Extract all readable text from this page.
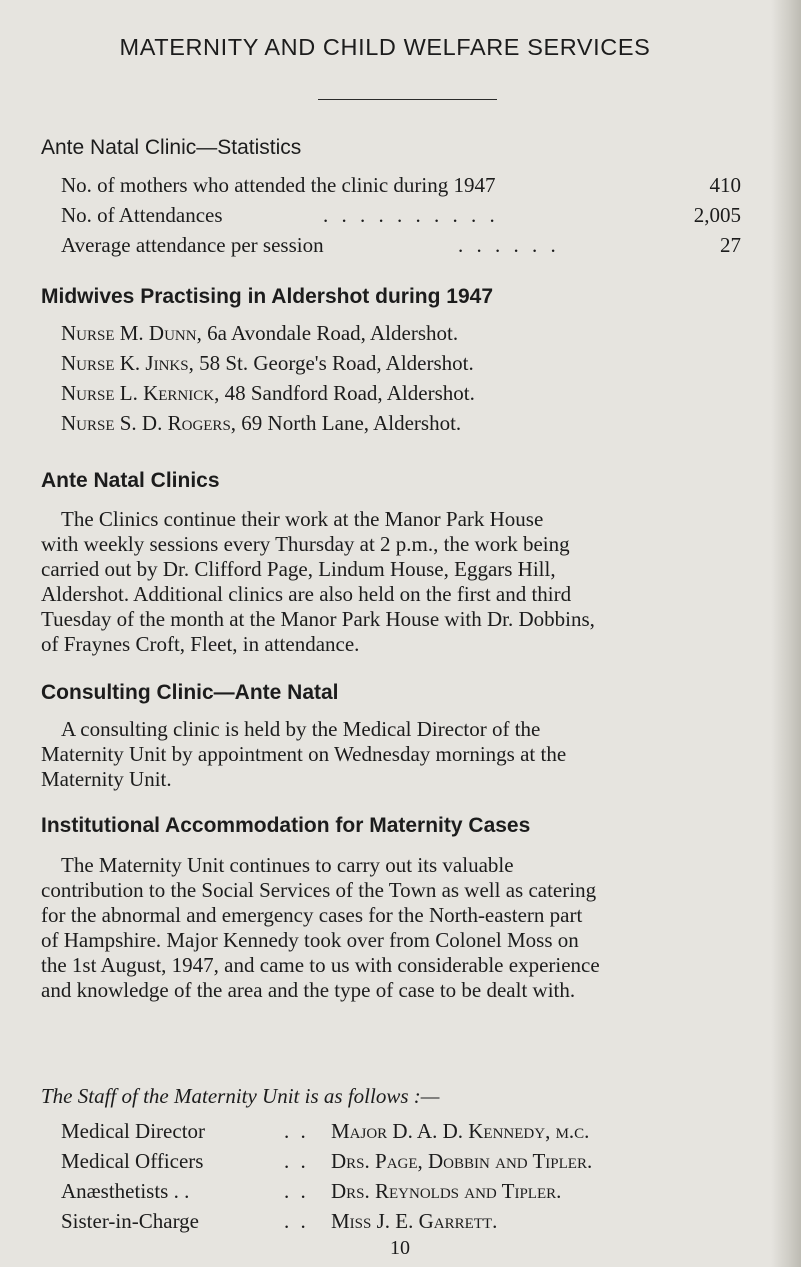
MATERNITY AND CHILD WELFARE SERVICES
Ante Natal Clinic—Statistics
No. of mothers who attended the clinic during 1947	410
No. of Attendances	. . . . . . . . . .	2,005
Average attendance per session	. . . . . .	27
Midwives Practising in Aldershot during 1947
Nurse M. Dunn, 6a Avondale Road, Aldershot.
Nurse K. Jinks, 58 St. George's Road, Aldershot.
Nurse L. Kernick, 48 Sandford Road, Aldershot.
Nurse S. D. Rogers, 69 North Lane, Aldershot.
Ante Natal Clinics
The Clinics continue their work at the Manor Park House
with weekly sessions every Thursday at 2 p.m., the work being
carried out by Dr. Clifford Page, Lindum House, Eggars Hill,
Aldershot. Additional clinics are also held on the first and third
Tuesday of the month at the Manor Park House with Dr. Dobbins,
of Fraynes Croft, Fleet, in attendance.
Consulting Clinic—Ante Natal
A consulting clinic is held by the Medical Director of the
Maternity Unit by appointment on Wednesday mornings at the
Maternity Unit.
Institutional Accommodation for Maternity Cases
The Maternity Unit continues to carry out its valuable
contribution to the Social Services of the Town as well as catering
for the abnormal and emergency cases for the North-eastern part
of Hampshire. Major Kennedy took over from Colonel Moss on
the 1st August, 1947, and came to us with considerable experience
and knowledge of the area and the type of case to be dealt with.
The Staff of the Maternity Unit is as follows :—
Medical Director	. . Major D. A. D. Kennedy, m.c.
Medical Officers	. . Drs. Page, Dobbin and Tipler.
Anæsthetists . .	. . Drs. Reynolds and Tipler.
Sister-in-Charge	. . Miss J. E. Garrett.
10
